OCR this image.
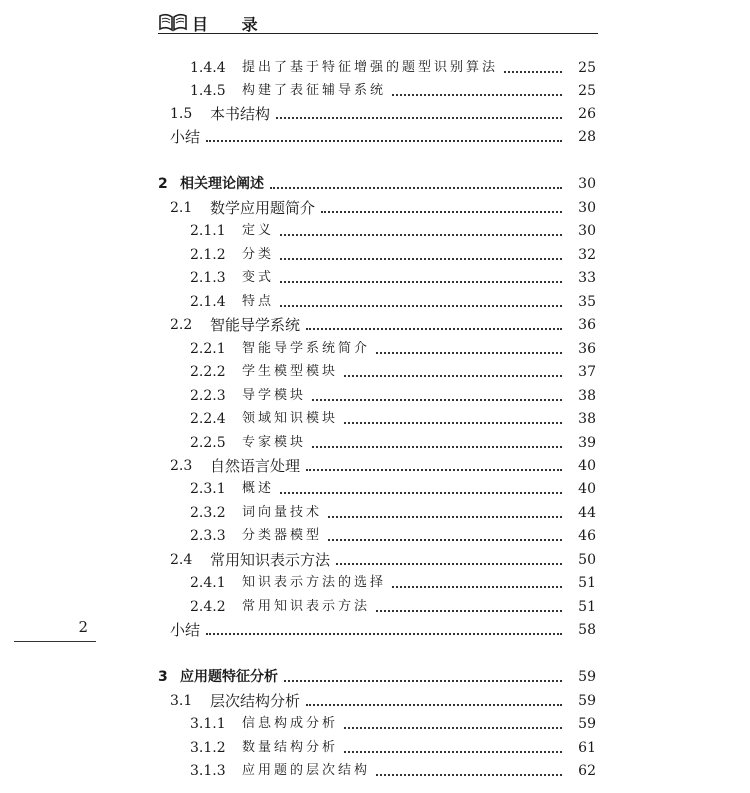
目 录
1.4.4	提出了基于特征增强的题型识别算法	25
1.4.5	构建了表征辅导系统	25
1.5	本书结构	26
小结	28
2 相关理论阐述	30
2.1	数学应用题简介	30
2.1.1	定义	30
2.1.2	分类	32
2.1.3	变式	33
2.1.4	特点	35
2.2	智能导学系统	36
2.2.1	智能导学系统简介	36
2.2.2	学生模型模块	37
2.2.3	导学模块	38
2.2.4	领域知识模块	38
2.2.5	专家模块	39
2.3	自然语言处理	40
2.3.1	概述	40
2.3.2	词向量技术	44
2.3.3	分类器模型	46
2.4	常用知识表示方法	50
2.4.1	知识表示方法的选择	51
2.4.2	常用知识表示方法	51
小结	58
3 应用题特征分析	59
3.1	层次结构分析	59
3.1.1	信息构成分析	59
3.1.2	数量结构分析	61
3.1.3	应用题的层次结构	62
2
